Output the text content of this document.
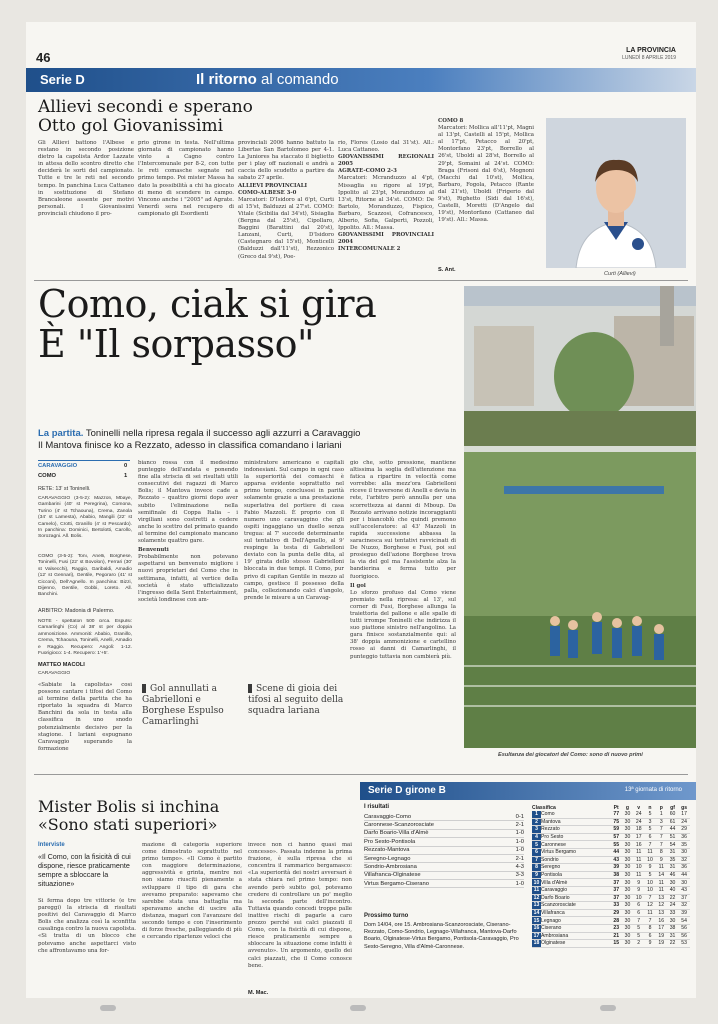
46	LA PROVINCIA
LUNEDÌ 8 APRILE 2019
Serie D	Il ritorno al comando
Allievi secondi e sperano
Otto gol Giovanissimi
Gli Allievi battono l'Albese e restano in secondo posizione dietro la capolista Ardor Lazzate in attesa dello scontro diretto che deciderà le sorti del campionato. Tutte e tre le reti nel secondo tempo. In panchina Luca Cattaneo in sostituzione di Stefano Brancaleone assente per motivi personali. I Giovanissimi provinciali chiudono il pro-
prio girone in testa. Nell'ultima giornata di campionato hanno vinto a Cagno contro l'Intercomunale per 8-2, con tutte le reti comasche segnate nel primo tempo. Poi mister Massa ha dato la possibilità a chi ha giocato di meno di scendere in campo. Vincono anche i "2005" ad Agrate. Venerdì sera nel recupero di campionato gli Esordienti
provinciali 2006 hanno battuto la Libertas San Bartolomeo per 4-1. La Juniores ha staccato il biglietto per i play off nazionali e andrà a caccia dello scudetto a partire da sabato 27 aprile.
ALLIEVI PROVINCIALI
COMO-ALBESE 3-0
Marcatori: D'Isidoro al 6'pt, Curti al 15'st, Balduzzi al 27'st. COMO: Vitale (Scibilia dal 34'st), Sisiaglia (Bergna dal 25'st), Cipollaro, Baggini (Barattini dal 20'st), Lanzani, Curti, D'Isidoro (Castegnaro dal 15'st), Monticelli (Balduzzi dall'11'st), Rezzonico (Greco dal 9'st), Poe-
rio, Flores (Losio dal 31'st). All.: Luca Cattaneo.
GIOVANISSIMI REGIONALI 2005
AGRATE-COMO 2-3
Marcatori: Mcranduzzo al 4'pt, Missaglia su rigore al 19'pt, Ippolito al 23'pt, Moranduzzo al 13'st, Ritorne al 34'st. COMO: De Bartolo, Moranduzzo, Fispico, Barbaro, Scazzosi, Cofrancesco, Alberio, Sofia, Galperti, Pozzoli, Ippolito. All.: Massa.
GIOVANISSIMI PROVINCIALI 2004
INTERCOMUNALE 2
COMO 8
Marcatori: Mollica all'11'pt, Magni al 13'pt, Castelli al 15'pt, Mollica al 17'pt, Petacco al 20'pt, Montorfano 23'pt, Borrello al 26'st, Uboldi al 28'st, Borrello al 29'pt, Somaini al 24'st. COMO: Braga (Frisoni dal 6'st), Mognoni (Macchi dal 10'st), Mollica, Barbaro, Fogola, Petacco (Rante dal 21'st), Uboldi (Frigerio dal 9'st), Righetto (Sidi dal 16'st), Castelli, Moretti (D'Angelo dal 19'st), Montorfano (Cattaneo dal 19'st). All.: Massa.
S. Ant.
Curti (Allievi)
Como, ciak si gira
È "Il sorpasso"
Esultanza dei giocatori del Como: sono di nuovo primi
La partita. Toninelli nella ripresa regala il successo agli azzurri a Caravaggio
Il Mantova finisce ko a Rezzato, adesso in classifica comandano i lariani
CARAVAGGIO	0
COMO	1
RETE: 13' st Toninelli.
CARAVAGGIO (3-5-2): Mazzoli, Mbaye, Gambarini (40' st Peregrina), Comona, Turino (4' st Tchaouna), Crema, Zanola (34' st Lamesta), Ababio, Mangili (22' st Camelo), Crotti, Granillo (4' st Pescardo). In panchina: Dominici, Bertolotti, Carollo, Sorozagni. All. Bolis.
COMO (3-5-2): Toni, Anelli, Borghese, Toninelli, Fusi (22' st Bovolon), Ferrari (30' st Valsecchi), Raggio, Garibaldi, Amadio (12' st Gennari), Gentile, Pegoraro (41' st Cicconi), Dell'Agnello. In panchina: Bizzi, Dijenno, Gentile, Gobbi, Loreto. All. Banchini.
ARBITRO: Madonia di Palermo.
NOTE - spettatori 500 circa. Espulsi: Camarlinghi (Co) al 38' st per doppia ammonizione. Ammoniti: Ababio, Granillo, Crema, Tchaouna, Toninelli, Anelli, Amadio e Raggio. Recupero: Angoli: 1-12. Fuorigioco: 1-4. Recupero: 1'+5'.
MATTEO MACOLI
CARAVAGGIO
«Sabiate la capolista» così possono cantare i tifosi del Como al termine della partita che ha riportato la squadra di Marco Banchini da sola in testa alla classifica in uno snodo potenzialmente decisivo per la stagione. I lariani espugnano Caravaggio superando la formazione
bianco rossa con il medesimo punteggio dell'andata e ponendo fine alla striscia di sei risultati utili consecutivi dei ragazzi di Marco Bolis; il Mantova invece cade a Rezzato – quattro giorni dopo aver subito l'eliminazione nella semifinale di Coppa Italia – i virgiliani sono costretti a cedere anche lo scettro del primato quando al termine del campionato mancano solamente quattro gare.
Benvenuti
Probabilmente non potevano aspettarsi un benvenuto migliore i nuovi proprietari del Como che in settimana, infatti, al vertice della società è stato ufficializzato l'ingresso della Sent Entertainment, società londinese con am-
ministratore americano e capitali indonesiani. Sul campo in ogni caso la superiorità dei comaschi è apparsa evidente soprattutto nel primo tempo, conclusosi in parità solamente grazie a una prestazione superlativa del portiere di casa Fabio Mazzoli. È proprio con il numero uno caravaggino che gli ospiti ingaggiano un duello senza tregua: al 7' succede determinante sul tentativo di Dell'Agnello, al 9' respinge la testa di Gabrielloni deviato con la punta delle dita, al 19' girata dello stesso Gabrielloni bloccata in due tempi. Il Como, pur privo di capitan Gentile in mezzo al campo, gestisce il possesso della palla, collezionando calci d'angolo, prende le misure a un Caravag-
gio che, sotto pressione, mantiene altissima la soglia dell'attenzione ma fatica a ripartire in velocità come vorrebbe: alla mezz'ora Gabrielloni riceve il traversone di Anelli e devia in rete, l'arbitro però annulla per una scorrettezza ai danni di Mboup. Da Rezzato arrivano notizie incoraggianti per i biancoblù che quindi premono sull'acceleratore: al 43' Mazzoli in rapida successione abbassa la saracinesca sui tentativi ravvicinati di De Nuzzo, Borghese e Fusi, poi sul prosieguo dell'azione Borghese trova la via del gol ma l'assistente alza la bandierina e ferma tutto per fuorigioco.
Il gol
Lo sforzo profuso dal Como viene premiato nella ripresa: al 13', sul corner di Fusi, Borghese allunga la traiettoria del pallone e alle spalle di tutti irrompe Toninelli che indirizza il suo piattone sinistro nell'angolino. La gara finisce sostanzialmente qui: al 38' doppia ammonizione e cartellino rosso ai danni di Camarlinghi, il punteggio tuttavia non cambierà più.
Gol annullati a Gabrielloni e Borghese Espulso Camarlinghi
Scene di gioia dei tifosi al seguito della squadra lariana
Mister Bolis si inchina
«Sono stati superiori»
Interviste
«Il Como, con la fisicità di cui dispone, riesce praticamente sempre a sbloccare la situazione»
Si ferma dopo tre vittorie (e tre pareggi) la striscia di risultati positivi del Caravaggio di Marco Bolis che analizza così la sconfitta casalinga contro la nuova capolista. «Si tratta di un blocco che potevamo anche aspettarci visto che affrontavamo una for-
mazione di categoria superiore come dimostrato soprattutto nel primo tempo». «Il Como è partito con maggiore determinazione, aggressività e grinta, mentre noi non siamo riusciti pienamente a sviluppare il tipo di gara che avevamo preparato: sapevamo che sarebbe stata una battaglia ma speravamo anche di uscire alla distanza, magari con l'avanzare del secondo tempo e con l'inserimento di forze fresche, palleggiando di più e cercando ripartenze veloci che
invece non ci hanno quasi mai concesso». Passata indenne la prima frazione, è sulla ripresa che si concentra il rammarico bergamasco: «La superiorità dei nostri avversari è stata chiara nel primo tempo: non avendo però subito gol, potevamo credere di controllare un po' meglio la seconda parte dell'incontro. Tuttavia quando concedi troppe palle inattive rischi di pagarle a caro prezzo perché sui calci piazzati il Como, con la fisicità di cui dispone, riesce praticamente sempre a sbloccare la situazione come infatti è avvenuto». Un argomento, quello dei calci piazzati, che il Como conosce bene.
M. Mac.
Serie D girone B	13ª giornata di ritorno
I risultati
Caravaggio-Como	0-1
Caronnese-Scanzorosciate	2-1
Darfo Boario-Villa d'Almè	1-0
Pro Sesto-Pontisola	1-0
Rezzato-Mantova	1-0
Seregno-Legnago	2-1
Sondrio-Ambrosiana	4-3
Villafranca-Olginatese	3-3
Virtus Bergamo-Ciserano	1-0
Prossimo turno
Dom 14/04, ore 15. Ambrosiana-Scanzorosciate, Ciserano-Rezzato, Como-Sondrio, Legnago-Villafranca, Mantova-Darfo Boario, Olginatese-Virtus Bergamo, Pontisola-Caravaggio, Pro Sesto-Seregno, Villa d'Almè-Caronnese.
Classifica		Pt	g	v	n	p	gf	gs
1	Como	77	30	24	5	1	60	17
2	Mantova	75	30	24	3	3	61	24
3	Rezzato	59	30	18	5	7	44	29
4	Pro Sesto	57	30	17	6	7	51	36
5	Caronnese	55	30	16	7	7	54	35
6	Virtus Bergamo	44	30	11	11	8	31	30
7	Sondrio	43	30	11	10	9	35	32
8	Seregno	39	30	10	9	11	31	36
9	Pontisola	38	30	11	5	14	46	44
10	Villa d'Almè	37	30	9	10	11	30	30
11	Caravaggio	37	30	9	10	11	40	43
12	Darfo Boario	37	30	10	7	13	22	37
13	Scanzorosciate	33	30	6	12	12	24	32
14	Villafranca	29	30	6	11	13	33	39
15	Legnago	28	30	7	7	16	30	54
16	Ciserano	23	30	5	8	17	38	56
17	Ambrosiana	21	30	5	6	19	31	56
18	Olginatese	15	30	2	9	19	22	53
